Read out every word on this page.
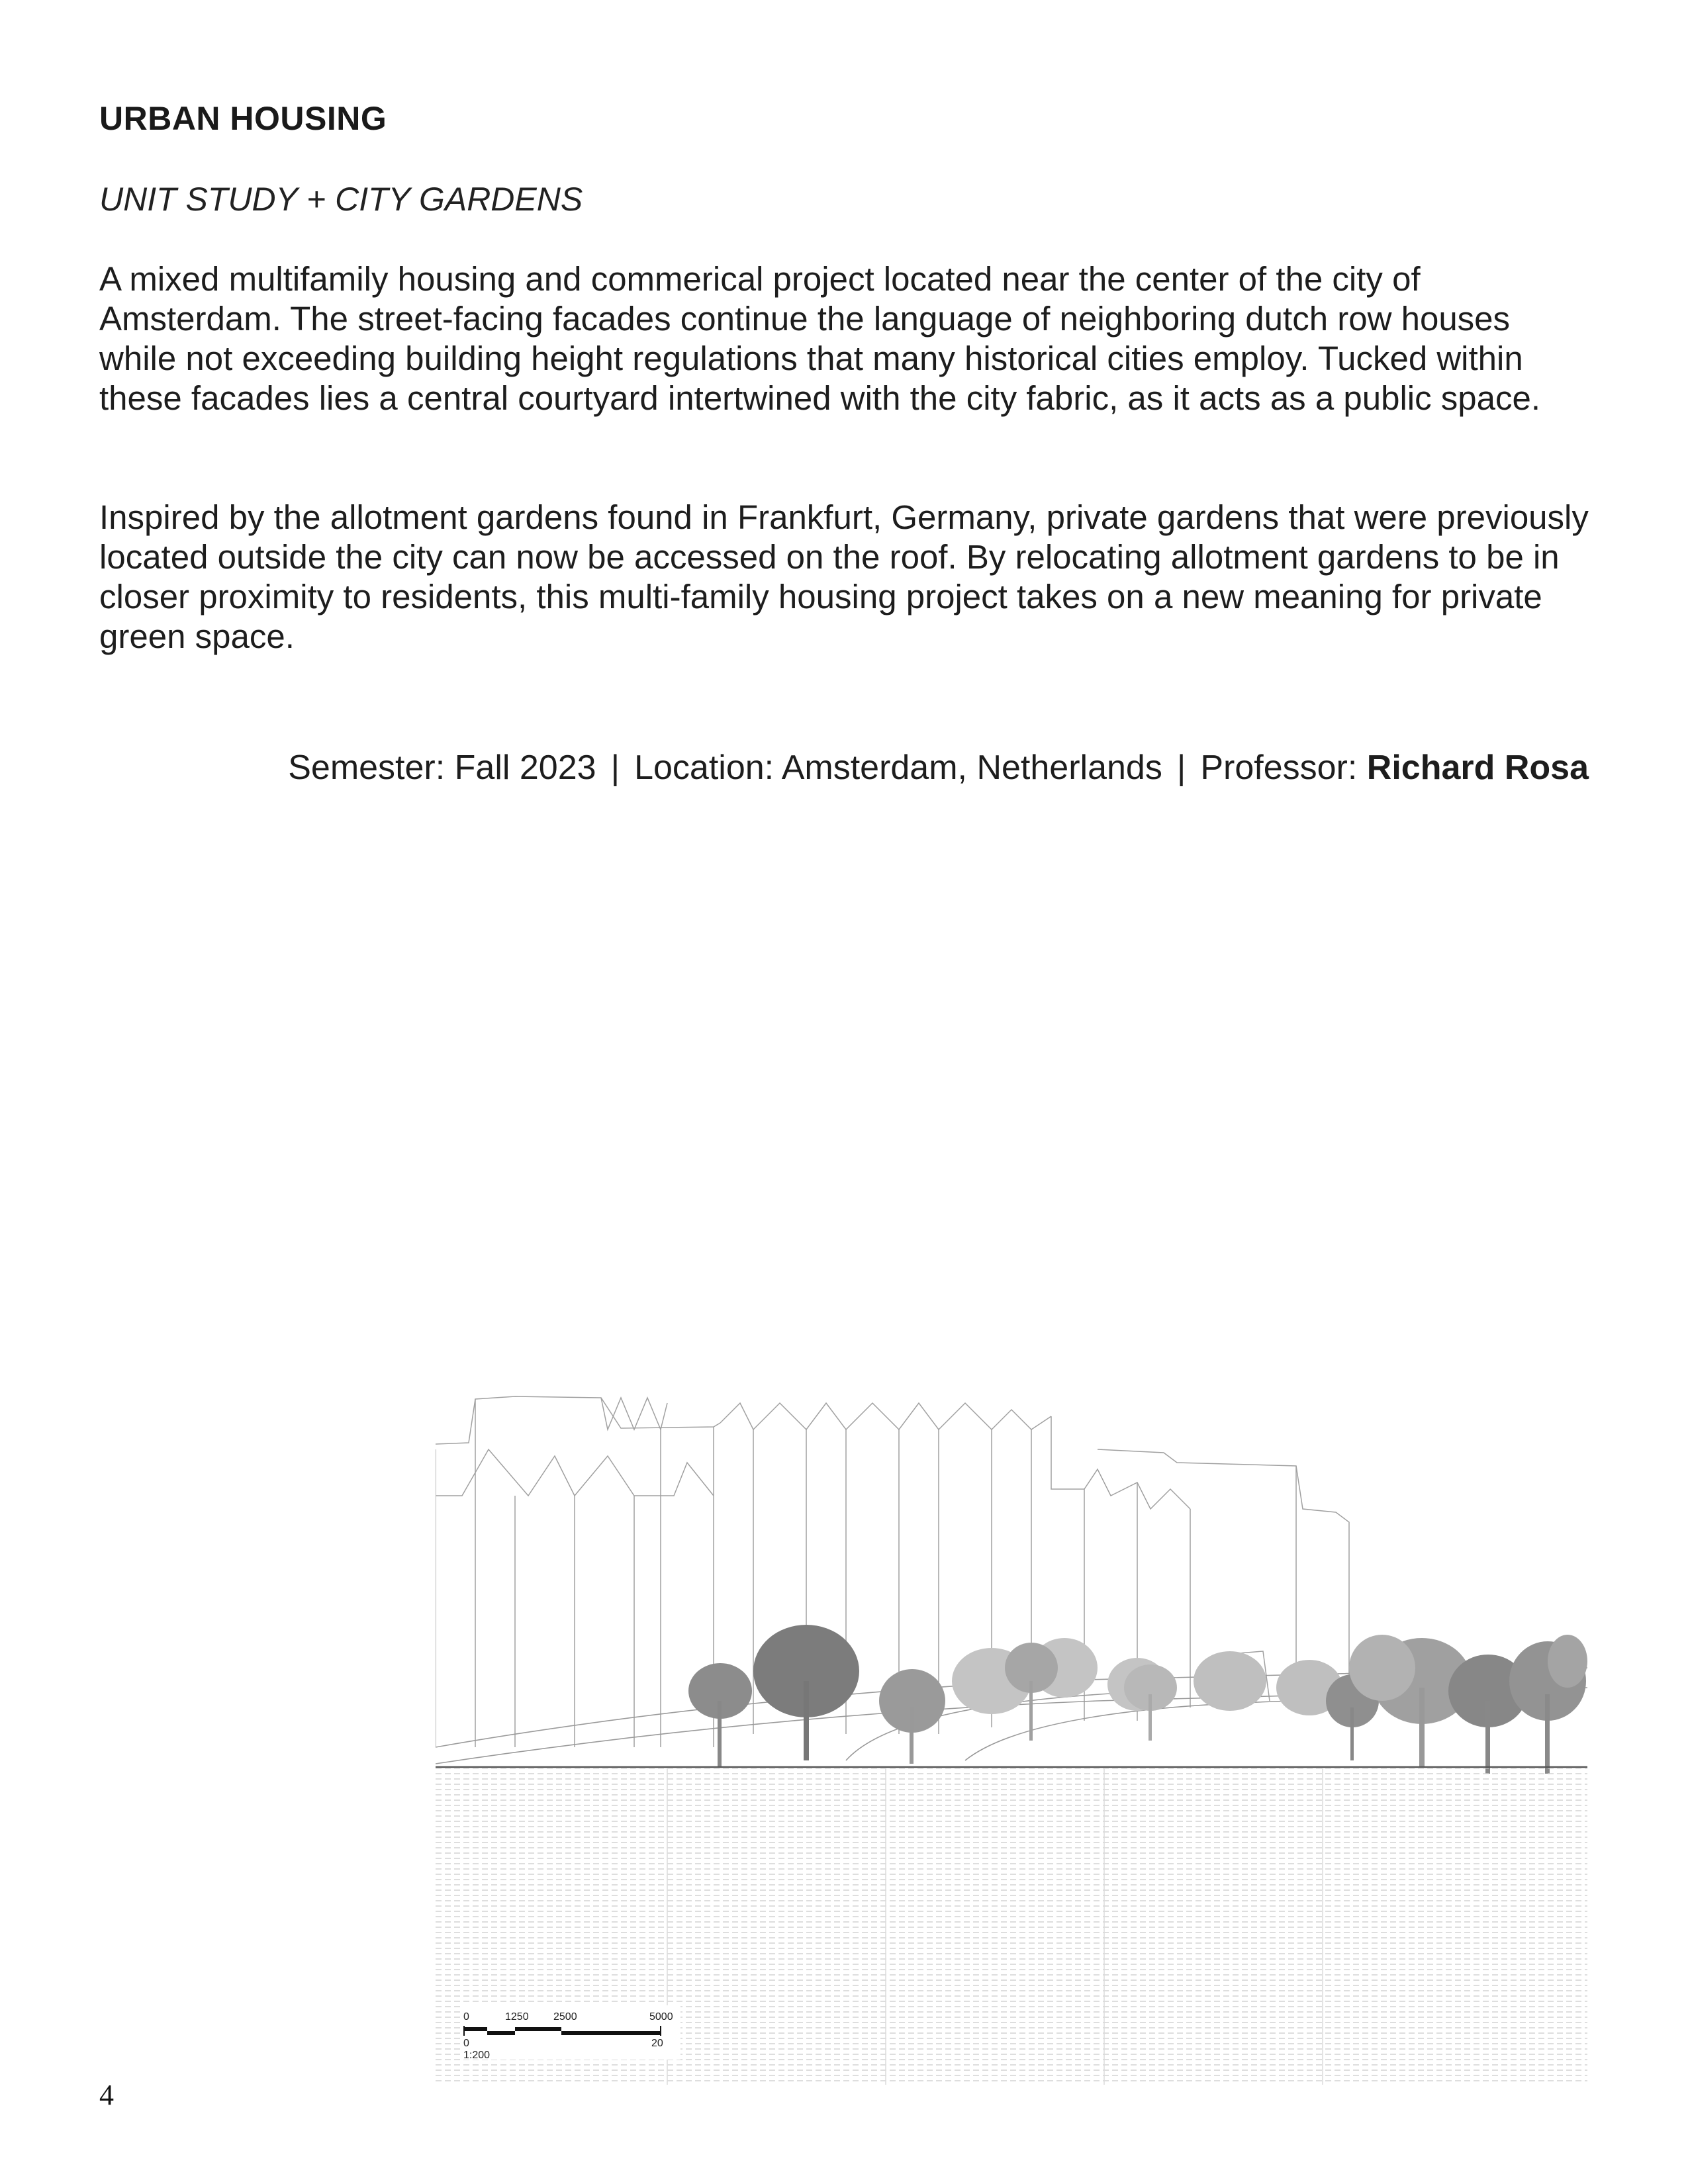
URBAN HOUSING

UNIT STUDY + CITY GARDENS

A mixed multifamily housing and commerical project located near the center of the city of Amsterdam. The street-facing facades continue the language of neighboring dutch row houses while not exceeding building height regulations that many historical cities employ. Tucked within these facades lies a central courtyard intertwined with the city fabric, as it acts as a public space.

Inspired by the allotment gardens found in Frankfurt, Germany, private gardens that were previously located outside the city can now be accessed on the roof. By relocating allotment gardens to be in closer proximity to residents, this multi-family housing project takes on a new meaning for private green space.

Semester: Fall 2023 | Location: Amsterdam, Netherlands | Professor: Richard Rosa
0	1250 2500	5000
0	20
1:200
4
